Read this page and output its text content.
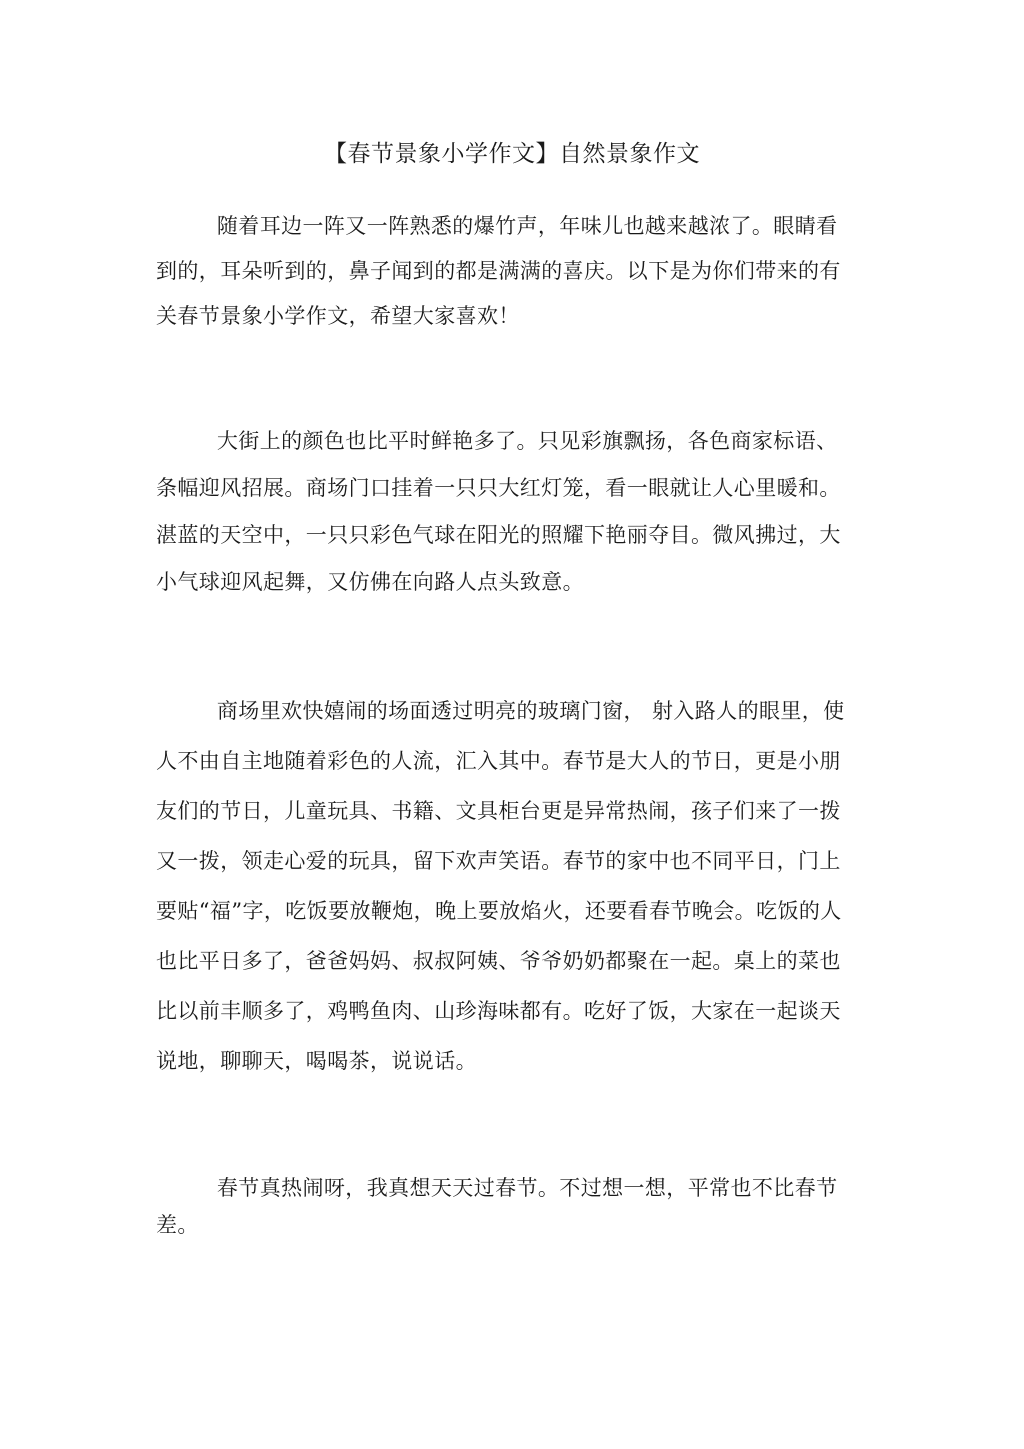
【春节景象小学作文】自然景象作文

随着耳边一阵又一阵熟悉的爆竹声，年味儿也越来越浓了。眼睛看到的，耳朵听到的，鼻子闻到的都是满满的喜庆。以下是为你们带来的有关春节景象小学作文，希望大家喜欢！

大街上的颜色也比平时鲜艳多了。只见彩旗飘扬，各色商家标语、条幅迎风招展。商场门口挂着一只只大红灯笼，看一眼就让人心里暖和。湛蓝的天空中，一只只彩色气球在阳光的照耀下艳丽夺目。微风拂过，大小气球迎风起舞，又仿佛在向路人点头致意。

商场里欢快嬉闹的场面透过明亮的玻璃门窗， 射入路人的眼里，使人不由自主地随着彩色的人流，汇入其中。春节是大人的节日，更是小朋友们的节日，儿童玩具、书籍、文具柜台更是异常热闹，孩子们来了一拨又一拨，领走心爱的玩具，留下欢声笑语。春节的家中也不同平日，门上要贴“福”字，吃饭要放鞭炮，晚上要放焰火，还要看春节晚会。吃饭的人也比平日多了，爸爸妈妈、叔叔阿姨、爷爷奶奶都聚在一起。桌上的菜也比以前丰顺多了，鸡鸭鱼肉、山珍海味都有。吃好了饭，大家在一起谈天说地，聊聊天，喝喝茶，说说话。

春节真热闹呀，我真想天天过春节。不过想一想，平常也不比春节差。
